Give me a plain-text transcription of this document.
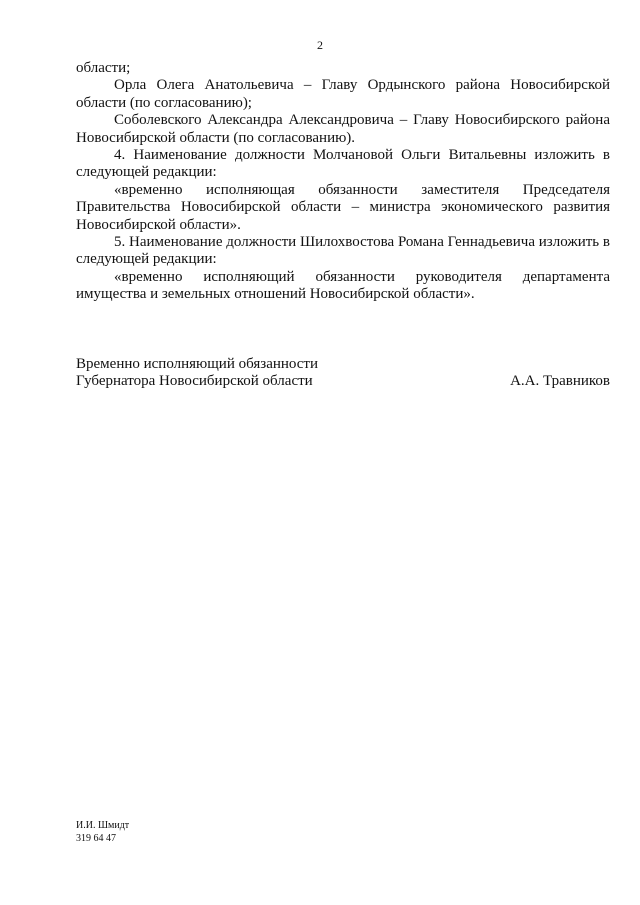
2

области;

Орла Олега Анатольевича – Главу Ордынского района Новосибирской области (по согласованию);

Соболевского Александра Александровича – Главу Новосибирского района Новосибирской области (по согласованию).

4. Наименование должности Молчановой Ольги Витальевны изложить в следующей редакции:

«временно исполняющая обязанности заместителя Председателя Правительства Новосибирской области – министра экономического развития Новосибирской области».

5. Наименование должности Шилохвостова Романа Геннадьевича изложить в следующей редакции:

«временно исполняющий обязанности руководителя департамента имущества и земельных отношений Новосибирской области».

Временно исполняющий обязанности
Губернатора Новосибирской области	А.А. Травников
И.И. Шмидт
319 64 47
